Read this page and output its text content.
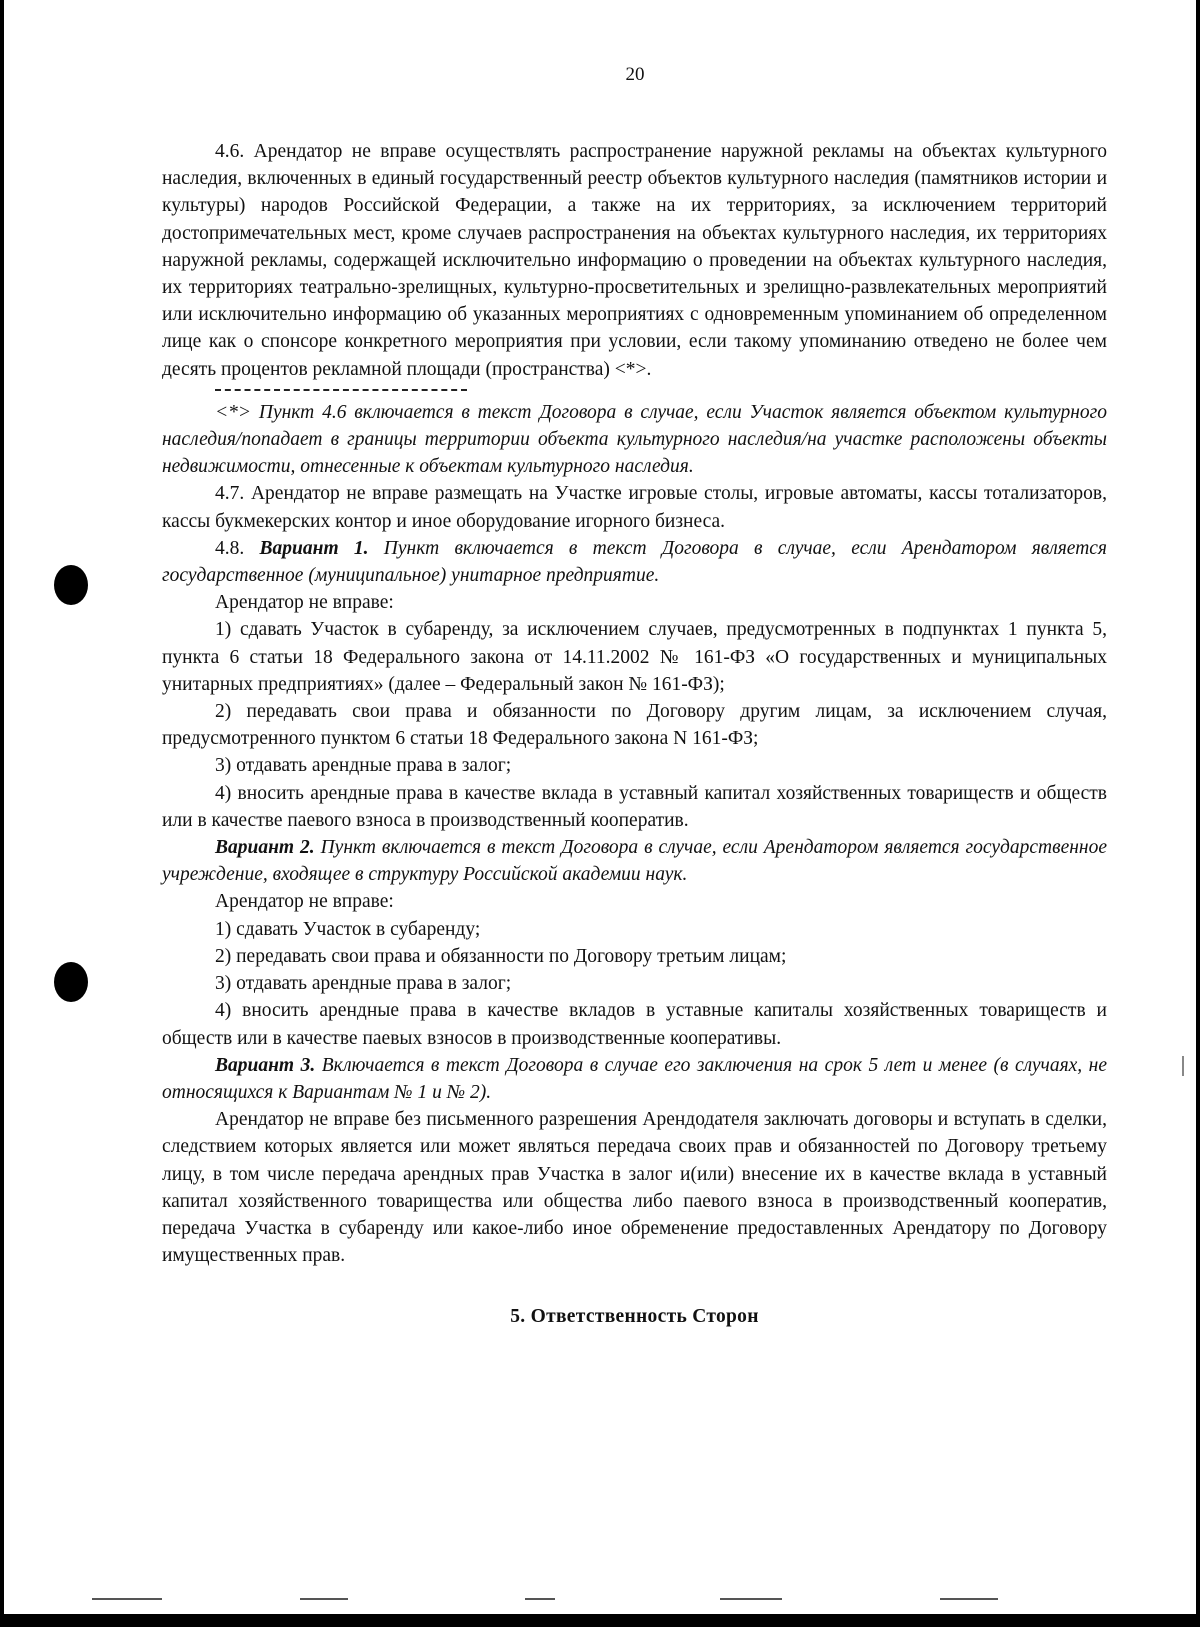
20

4.6. Арендатор не вправе осуществлять распространение наружной рекламы на объектах культурного наследия, включенных в единый государственный реестр объектов культурного наследия (памятников истории и культуры) народов Российской Федерации, а также на их территориях, за исключением территорий достопримечательных мест, кроме случаев распространения на объектах культурного наследия, их территориях наружной рекламы, содержащей исключительно информацию о проведении на объектах культурного наследия, их территориях театрально-зрелищных, культурно-просветительных и зрелищно-развлекательных мероприятий или исключительно информацию об указанных мероприятиях с одновременным упоминанием об определенном лице как о спонсоре конкретного мероприятия при условии, если такому упоминанию отведено не более чем десять процентов рекламной площади (пространства) <*>.

<*> Пункт 4.6 включается в текст Договора в случае, если Участок является объектом культурного наследия/попадает в границы территории объекта культурного наследия/на участке расположены объекты недвижимости, отнесенные к объектам культурного наследия.

4.7. Арендатор не вправе размещать на Участке игровые столы, игровые автоматы, кассы тотализаторов, кассы букмекерских контор и иное оборудование игорного бизнеса.

4.8. Вариант 1. Пункт включается в текст Договора в случае, если Арендатором является государственное (муниципальное) унитарное предприятие.

Арендатор не вправе:

1) сдавать Участок в субаренду, за исключением случаев, предусмотренных в подпунктах 1 пункта 5, пункта 6 статьи 18 Федерального закона от 14.11.2002 № 161-ФЗ «О государственных и муниципальных унитарных предприятиях» (далее – Федеральный закон № 161-ФЗ);

2) передавать свои права и обязанности по Договору другим лицам, за исключением случая, предусмотренного пунктом 6 статьи 18 Федерального закона N 161-ФЗ;

3) отдавать арендные права в залог;

4) вносить арендные права в качестве вклада в уставный капитал хозяйственных товариществ и обществ или в качестве паевого взноса в производственный кооператив.

Вариант 2. Пункт включается в текст Договора в случае, если Арендатором является государственное учреждение, входящее в структуру Российской академии наук.

Арендатор не вправе:

1) сдавать Участок в субаренду;

2) передавать свои права и обязанности по Договору третьим лицам;

3) отдавать арендные права в залог;

4) вносить арендные права в качестве вкладов в уставные капиталы хозяйственных товариществ и обществ или в качестве паевых взносов в производственные кооперативы.

Вариант 3. Включается в текст Договора в случае его заключения на срок 5 лет и менее (в случаях, не относящихся к Вариантам № 1 и № 2).

Арендатор не вправе без письменного разрешения Арендодателя заключать договоры и вступать в сделки, следствием которых является или может являться передача своих прав и обязанностей по Договору третьему лицу, в том числе передача арендных прав Участка в залог и(или) внесение их в качестве вклада в уставный капитал хозяйственного товарищества или общества либо паевого взноса в производственный кооператив, передача Участка в субаренду или какое-либо иное обременение предоставленных Арендатору по Договору имущественных прав.

5. Ответственность Сторон
